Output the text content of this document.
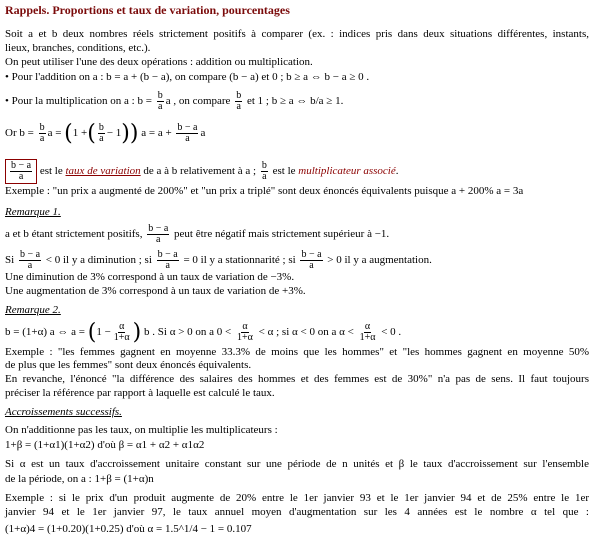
Rappels. Proportions et taux de variation, pourcentages
Soit a et b deux nombres réels strictement positifs à comparer (ex. : indices pris dans deux situations différentes, instants,
lieux, branches, conditions, etc.).
On peut utiliser l'une des deux opérations : addition ou multiplication.
• Pour l'addition on a : b = a + (b − a), on compare (b − a) et 0 ; b ≥ a ⇔ b − a ≥ 0 .
• Pour la multiplication on a : $b = \frac{b}{a}$ a , on compare $\frac{b}{a}$ et 1 ; b ≥ a ⇔ b/a ≥ 1.
Or $b = \frac{b}{a}$ a = (1 +( $\frac{b}{a} - 1$)) $a = a + \frac{b - a}{a}$ a
$\frac{b - a}{a}$ est le taux de variation de a à b relativement à a ; $\frac{b}{a}$ est le multiplicateur associé.
Exemple : "un prix a augmenté de 200%" et "un prix a triplé" sont deux énoncés équivalents puisque a + 200% a = 3a
Remarque 1.
a et b étant strictement positifs, $\frac{b - a}{a}$ peut être négatif mais strictement supérieur à −1.
Si $\frac{b - a}{a} < 0$ il y a diminution ; si $\frac{b - a}{a} = 0$ il y a stationnarité ; si $\frac{b - a}{a} > 0$ il y a augmentation.
Une diminution de 3% correspond à un taux de variation de −3%.
Une augmentation de 3% correspond à un taux de variation de +3%.
Remarque 2.
b = (1+α) a ⇔ $a = (1 - \frac{\alpha}{1+\alpha}$ ) b . Si α > 0 on a $0 < \frac{\alpha}{1+\alpha} < \alpha$ ; si α < 0 on a $\alpha < \frac{\alpha}{1+\alpha} < 0$ .
Exemple : "les femmes gagnent en moyenne 33.3% de moins que les hommes" et "les hommes gagnent en moyenne 50%
de plus que les femmes" sont deux énoncés équivalents.
En revanche, l'énoncé "la différence des salaires des hommes et des femmes est de 30%" n'a pas de sens. Il faut toujours
préciser la référence par rapport à laquelle est calculé le taux.
Accroissements successifs.
On n'additionne pas les taux, on multiplie les multiplicateurs :
1+β = (1+α1)(1+α2) d'où β = α1 + α2 + α1α2
Si α est un taux d'accroissement unitaire constant sur une période de n unités et β le taux d'accroissement sur l'ensemble
de la période, on a : 1+β = (1+α)n
Exemple : si le prix d'un produit augmente de 20% entre le 1er janvier 93 et le 1er janvier 94 et de 25% entre le 1er
janvier 94 et le 1er janvier 97, le taux annuel moyen d'augmentation sur les 4 années est le nombre α tel que :
(1+α)4 = (1+0.20)(1+0.25) d'où α = 1.5^1/4 − 1 = 0.107
